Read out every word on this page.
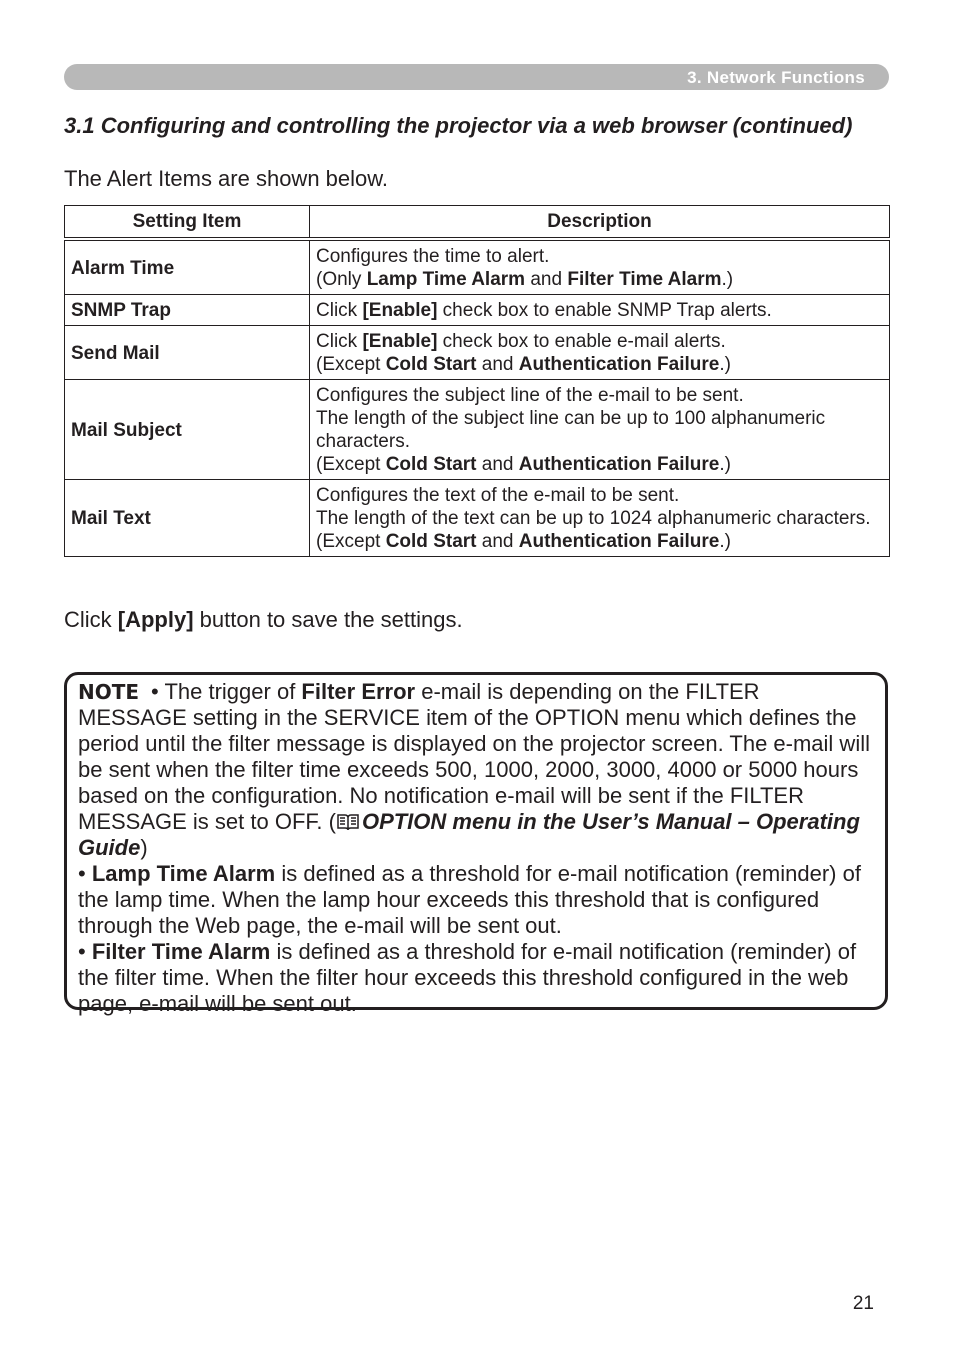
3. Network Functions
3.1 Configuring and controlling the projector via a web browser (continued)

The Alert Items are shown below.

Setting Item	Description
Alarm Time	Configures the time to alert.
(Only Lamp Time Alarm and Filter Time Alarm.)

SNMP Trap	Click [Enable] check box to enable SNMP Trap alerts.

Send Mail	Click [Enable] check box to enable e-mail alerts.
(Except Cold Start and Authentication Failure.)

Mail Subject	Configures the subject line of the e-mail to be sent.
The length of the subject line can be up to 100 alphanumeric characters.
(Except Cold Start and Authentication Failure.)

Mail Text	Configures the text of the e-mail to be sent.
The length of the text can be up to 1024 alphanumeric characters.
(Except Cold Start and Authentication Failure.)

Click [Apply] button to save the settings.

NOTE • The trigger of Filter Error e-mail is depending on the FILTER MESSAGE setting in the SERVICE item of the OPTION menu which defines the period until the filter message is displayed on the projector screen. The e-mail will be sent when the filter time exceeds 500, 1000, 2000, 3000, 4000 or 5000 hours based on the configuration. No notification e-mail will be sent if the FILTER MESSAGE is set to OFF. ( OPTION menu in the User’s Manual – Operating Guide)

• Lamp Time Alarm is defined as a threshold for e-mail notification (reminder) of the lamp time. When the lamp hour exceeds this threshold that is configured through the Web page, the e-mail will be sent out.

• Filter Time Alarm is defined as a threshold for e-mail notification (reminder) of the filter time. When the filter hour exceeds this threshold configured in the web page, e-mail will be sent out.

21
